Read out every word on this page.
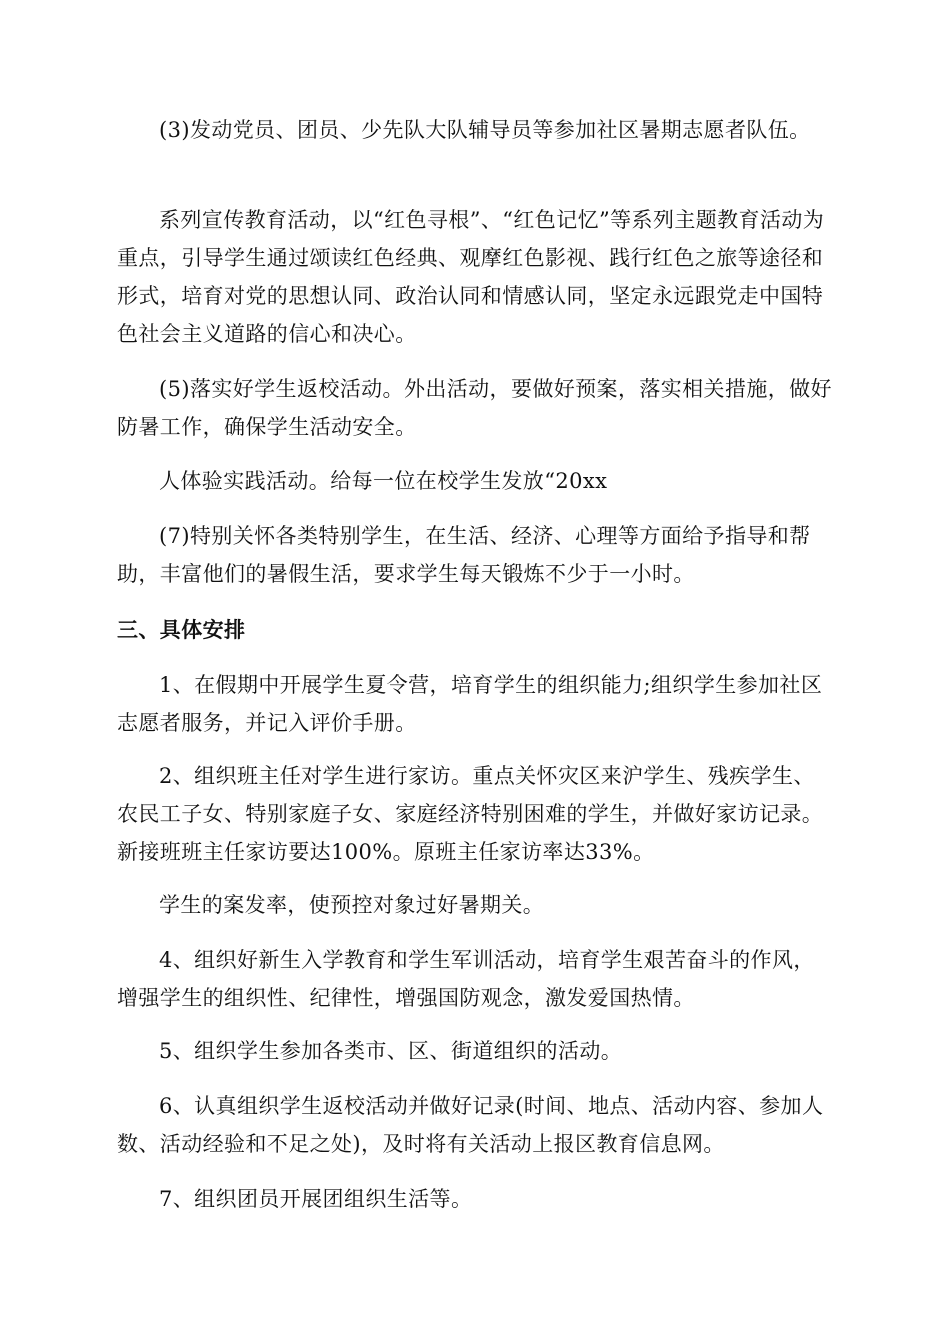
(3)发动党员、团员、少先队大队辅导员等参加社区暑期志愿者队伍。

系列宣传教育活动，以“红色寻根”、“红色记忆”等系列主题教育活动为重点，引导学生通过颂读红色经典、观摩红色影视、践行红色之旅等途径和形式，培育对党的思想认同、政治认同和情感认同，坚定永远跟党走中国特色社会主义道路的信心和决心。

(5)落实好学生返校活动。外出活动，要做好预案，落实相关措施，做好防暑工作，确保学生活动安全。

人体验实践活动。给每一位在校学生发放“20xx

(7)特别关怀各类特别学生，在生活、经济、心理等方面给予指导和帮助，丰富他们的暑假生活，要求学生每天锻炼不少于一小时。

三、具体安排

1、在假期中开展学生夏令营，培育学生的组织能力;组织学生参加社区志愿者服务，并记入评价手册。

2、组织班主任对学生进行家访。重点关怀灾区来沪学生、残疾学生、农民工子女、特别家庭子女、家庭经济特别困难的学生，并做好家访记录。新接班班主任家访要达100%。原班主任家访率达33%。

学生的案发率，使预控对象过好暑期关。

4、组织好新生入学教育和学生军训活动，培育学生艰苦奋斗的作风，增强学生的组织性、纪律性，增强国防观念，激发爱国热情。

5、组织学生参加各类市、区、街道组织的活动。

6、认真组织学生返校活动并做好记录(时间、地点、活动内容、参加人数、活动经验和不足之处)，及时将有关活动上报区教育信息网。

7、组织团员开展团组织生活等。
